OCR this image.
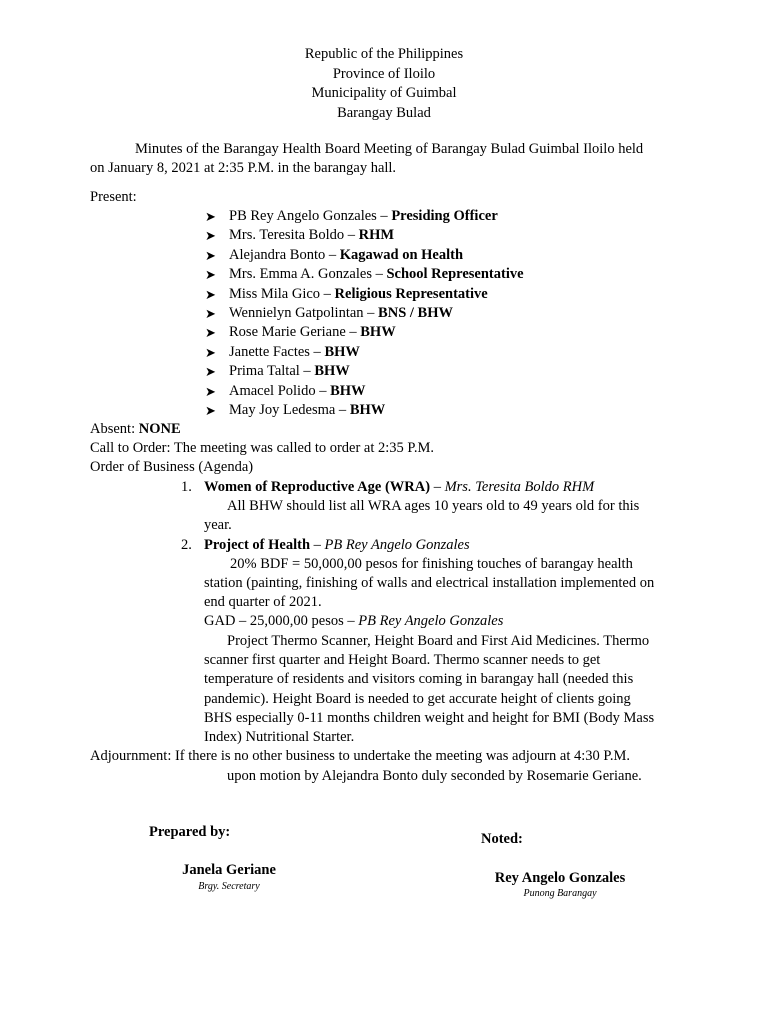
Republic of the Philippines
Province of Iloilo
Municipality of Guimbal
Barangay Bulad
Minutes of the Barangay Health Board Meeting of Barangay Bulad Guimbal Iloilo held
on January 8, 2021 at 2:35 P.M. in the barangay hall.
Present:
➤ PB Rey Angelo Gonzales – Presiding Officer
➤ Mrs. Teresita Boldo – RHM
➤ Alejandra Bonto – Kagawad on Health
➤ Mrs. Emma A. Gonzales – School Representative
➤ Miss Mila Gico – Religious Representative
➤ Wennielyn Gatpolintan – BNS / BHW
➤ Rose Marie Geriane – BHW
➤ Janette Factes – BHW
➤ Prima Taltal – BHW
➤ Amacel Polido – BHW
➤ May Joy Ledesma – BHW
Absent: NONE
Call to Order: The meeting was called to order at 2:35 P.M.
Order of Business (Agenda)
1. Women of Reproductive Age (WRA) – Mrs. Teresita Boldo RHM
All BHW should list all WRA ages 10 years old to 49 years old for this
year.
2. Project of Health – PB Rey Angelo Gonzales
20% BDF = 50,000,00 pesos for finishing touches of barangay health
station (painting, finishing of walls and electrical installation implemented on
end quarter of 2021.
GAD – 25,000,00 pesos – PB Rey Angelo Gonzales
Project Thermo Scanner, Height Board and First Aid Medicines. Thermo
scanner first quarter and Height Board. Thermo scanner needs to get
temperature of residents and visitors coming in barangay hall (needed this
pandemic). Height Board is needed to get accurate height of clients going
BHS especially 0-11 months children weight and height for BMI (Body Mass
Index) Nutritional Starter.
Adjournment: If there is no other business to undertake the meeting was adjourn at 4:30 P.M.
upon motion by Alejandra Bonto duly seconded by Rosemarie Geriane.
Prepared by:
Janela Geriane
Brgy. Secretary
Noted:
Rey Angelo Gonzales
Punong Barangay
